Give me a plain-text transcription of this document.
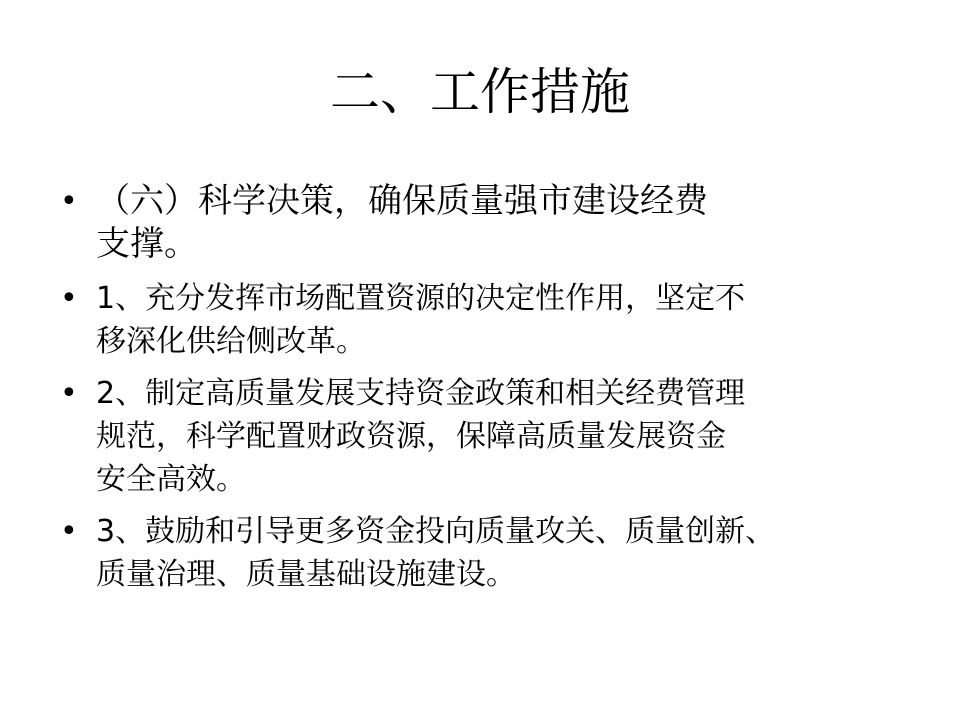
二、工作措施
• （六）科学决策，确保质量强市建设经费
支撑。
• 1、充分发挥市场配置资源的决定性作用，坚定不
移深化供给侧改革。
• 2、制定高质量发展支持资金政策和相关经费管理
规范，科学配置财政资源，保障高质量发展资金
安全高效。
• 3、鼓励和引导更多资金投向质量攻关、质量创新、
质量治理、质量基础设施建设。
